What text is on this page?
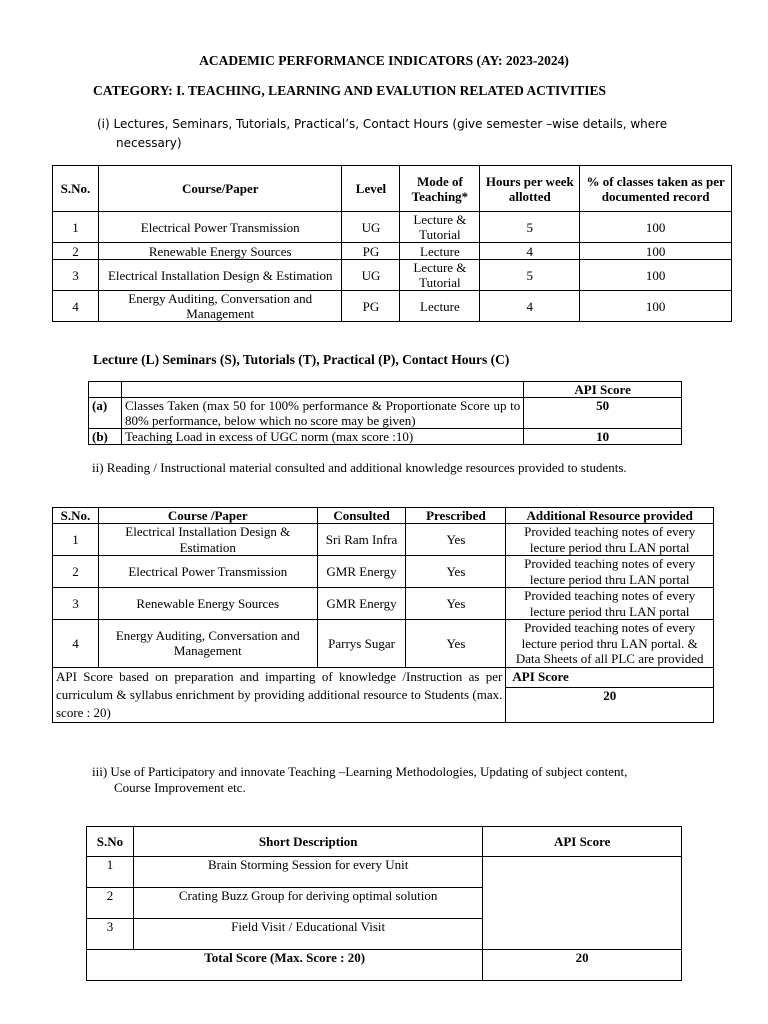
ACADEMIC PERFORMANCE INDICATORS (AY: 2023-2024)
CATEGORY: I. TEACHING, LEARNING AND EVALUTION RELATED ACTIVITIES
(i) Lectures, Seminars, Tutorials, Practical’s, Contact Hours (give semester –wise details, where
necessary)
S.No.	Course/Paper	Level	Mode of Teaching*	Hours per week allotted	% of classes taken as per documented record
1	Electrical Power Transmission	UG	Lecture & Tutorial	5	100
2	Renewable Energy Sources	PG	Lecture	4	100
3	Electrical Installation Design & Estimation	UG	Lecture & Tutorial	5	100
4	Energy Auditing, Conversation and Management	PG	Lecture	4	100
Lecture (L) Seminars (S), Tutorials (T), Practical (P), Contact Hours (C)
		API Score
(a)	Classes Taken (max 50 for 100% performance & Proportionate Score up to 80% performance, below which no score may be given)	50
(b)	Teaching Load in excess of UGC norm (max score :10)	10
ii) Reading / Instructional material consulted and additional knowledge resources provided to students.
S.No.	Course /Paper	Consulted	Prescribed	Additional Resource provided
1	Electrical Installation Design & Estimation	Sri Ram Infra	Yes	Provided teaching notes of every lecture period thru LAN portal
2	Electrical Power Transmission	GMR Energy	Yes	Provided teaching notes of every lecture period thru LAN portal
3	Renewable Energy Sources	GMR Energy	Yes	Provided teaching notes of every lecture period thru LAN portal
4	Energy Auditing, Conversation and Management	Parrys Sugar	Yes	Provided teaching notes of every lecture period thru LAN portal. & Data Sheets of all PLC are provided
API Score based on preparation and imparting of knowledge /Instruction as per curriculum & syllabus enrichment by providing additional resource to Students (max. score : 20)				API Score
				20
iii) Use of Participatory and innovate Teaching –Learning Methodologies, Updating of subject content,
Course Improvement etc.
S.No	Short Description	API Score
1	Brain Storming Session for every Unit	
2	Crating Buzz Group for deriving optimal solution	
3	Field Visit / Educational Visit	
Total Score (Max. Score : 20)		20
